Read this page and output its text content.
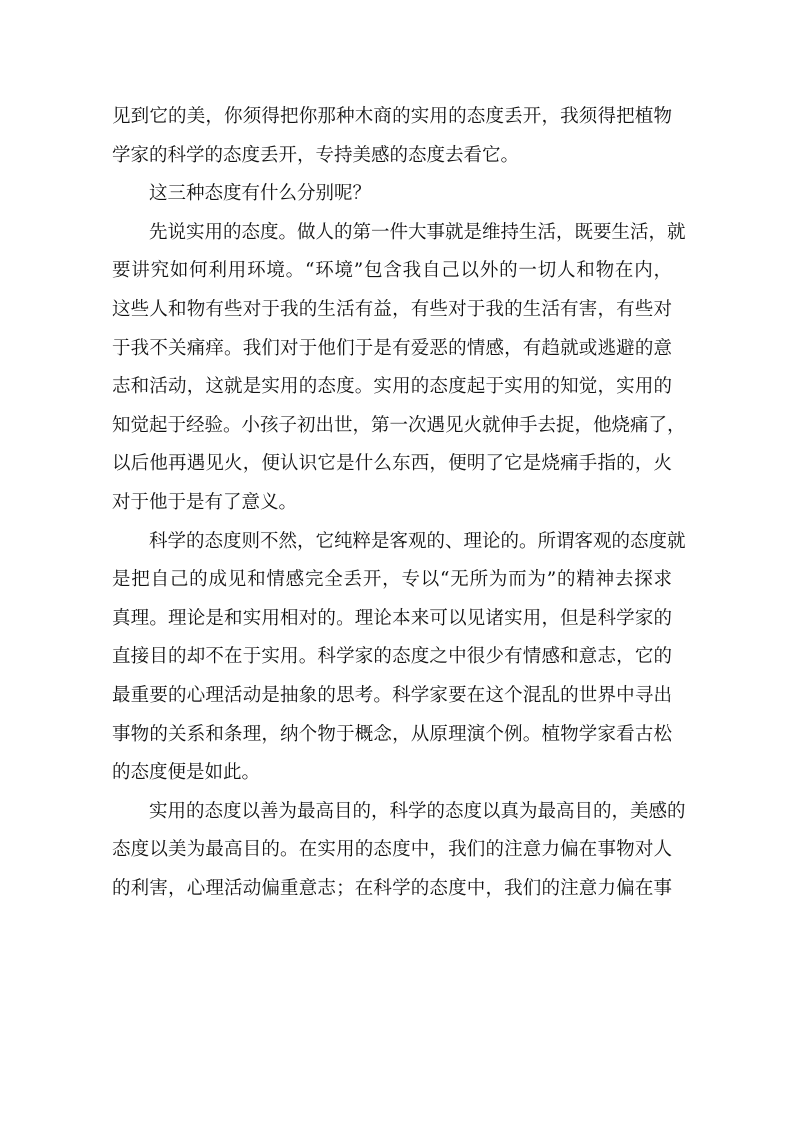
见到它的美，你须得把你那种木商的实用的态度丢开，我须得把植物
学家的科学的态度丢开，专持美感的态度去看它。
这三种态度有什么分别呢？
先说实用的态度。做人的第一件大事就是维持生活，既要生活，就
要讲究如何利用环境。“环境”包含我自己以外的一切人和物在内，
这些人和物有些对于我的生活有益，有些对于我的生活有害，有些对
于我不关痛痒。我们对于他们于是有爱恶的情感，有趋就或逃避的意
志和活动，这就是实用的态度。实用的态度起于实用的知觉，实用的
知觉起于经验。小孩子初出世，第一次遇见火就伸手去捉，他烧痛了，
以后他再遇见火，便认识它是什么东西，便明了它是烧痛手指的，火
对于他于是有了意义。
科学的态度则不然，它纯粹是客观的、理论的。所谓客观的态度就
是把自己的成见和情感完全丢开，专以“无所为而为”的精神去探求
真理。理论是和实用相对的。理论本来可以见诸实用，但是科学家的
直接目的却不在于实用。科学家的态度之中很少有情感和意志，它的
最重要的心理活动是抽象的思考。科学家要在这个混乱的世界中寻出
事物的关系和条理，纳个物于概念，从原理演个例。植物学家看古松
的态度便是如此。
实用的态度以善为最高目的，科学的态度以真为最高目的，美感的
态度以美为最高目的。在实用的态度中，我们的注意力偏在事物对人
的利害，心理活动偏重意志；在科学的态度中，我们的注意力偏在事
